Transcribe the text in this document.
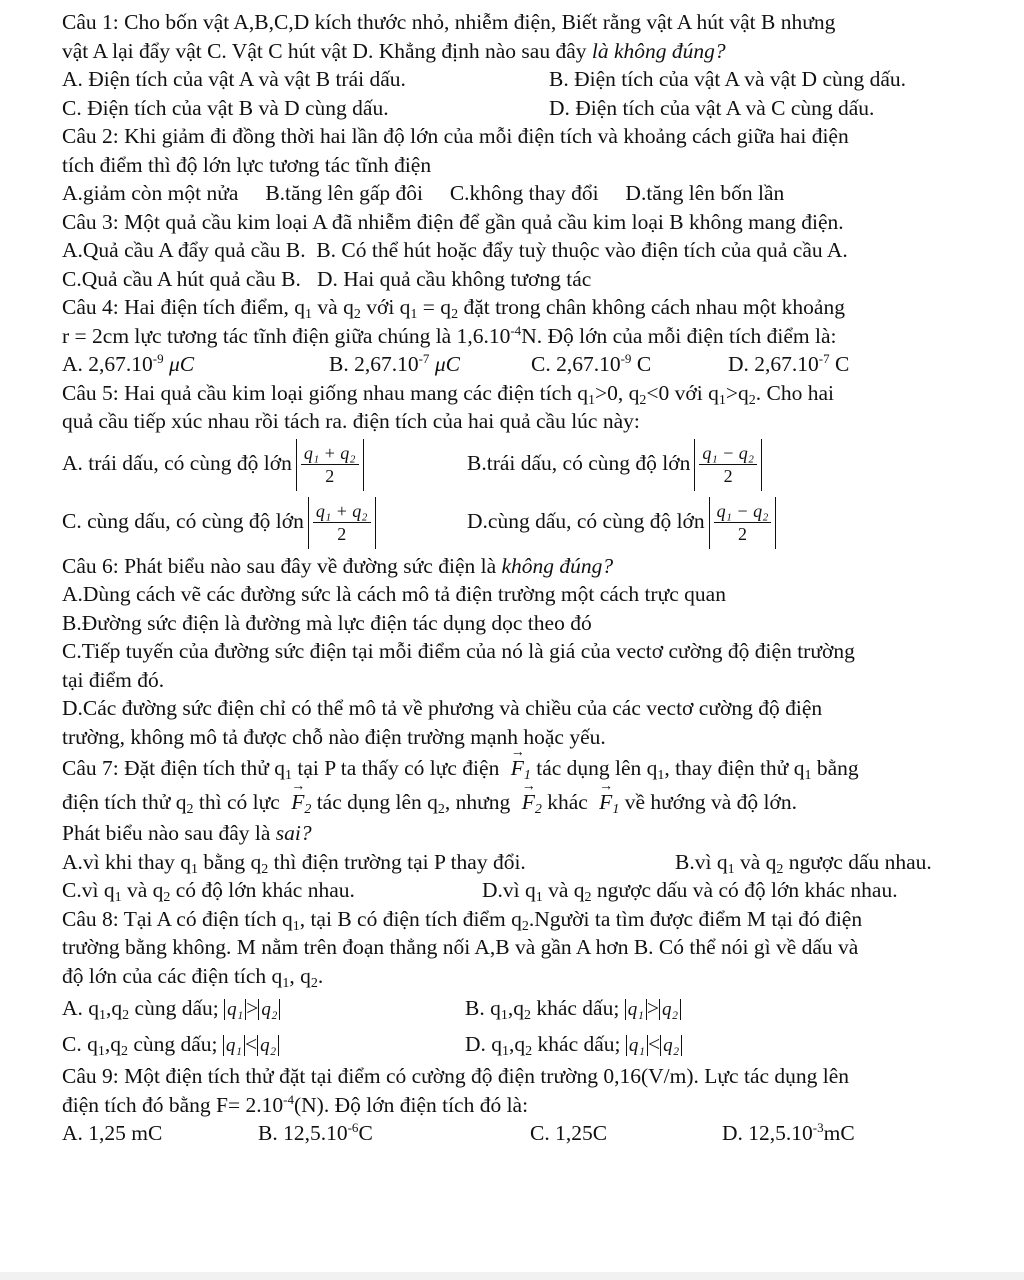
Câu 1: Cho bốn vật A,B,C,D kích thước nhỏ, nhiễm điện, Biết rằng vật A hút vật B nhưng
vật A lại đẩy vật C. Vật C hút vật D. Khẳng định nào sau đây là không đúng?
A. Điện tích của vật A và vật B trái dấu.	B. Điện tích của vật A và vật D cùng dấu.
C. Điện tích của vật B và D cùng dấu.	D. Điện tích của vật A và C cùng dấu.
Câu 2: Khi giảm đi đồng thời hai lần độ lớn của mỗi điện tích và khoảng cách giữa hai điện
tích điểm thì độ lớn lực tương tác tĩnh điện
A.giảm còn một nửa     B.tăng lên gấp đôi     C.không thay đổi     D.tăng lên bốn lần
Câu 3: Một quả cầu kim loại A đã nhiễm điện để gần quả cầu kim loại B không mang điện.
A.Quả cầu A đẩy quả cầu B.  B. Có thể hút hoặc đẩy tuỳ thuộc vào điện tích của quả cầu A.
C.Quả cầu A hút quả cầu B.   D. Hai quả cầu không tương tác
Câu 4: Hai điện tích điểm, $q_1$ và $q_2$ với $q_1 = q_2$ đặt trong chân không cách nhau một khoảng
r = 2cm lực tương tác tĩnh điện giữa chúng là $1,6.10^{-4}N$. Độ lớn của mỗi điện tích điểm là:
A. $2,67.10^{-9}$ μC	B. $2,67.10^{-7}$ μC	C. $2,67.10^{-9}$ C	D. $2,67.10^{-7}$ C
Câu 5: Hai quả cầu kim loại giống nhau mang các điện tích $q_1>0$, $q_2<0$ với $q_1>q_2$. Cho hai
quả cầu tiếp xúc nhau rồi tách ra. điện tích của hai quả cầu lúc này:
A. trái dấu, có cùng độ lớn $\frac{\text{q₁ + q₂}}{2}$	B.trái dấu, có cùng độ lớn $\frac{\text{q₁ − q₂}}{2}$
C. cùng dấu, có cùng độ lớn $\frac{\text{q₁ + q₂}}{2}$	D.cùng dấu, có cùng độ lớn $\frac{\text{q₁ − q₂}}{2}$
Câu 6: Phát biểu nào sau đây về đường sức điện là không đúng?
A.Dùng cách vẽ các đường sức là cách mô tả điện trường một cách trực quan
B.Đường sức điện là đường mà lực điện tác dụng dọc theo đó
C.Tiếp tuyến của đường sức điện tại mỗi điểm của nó là giá của vectơ cường độ điện trường
tại điểm đó.
D.Các đường sức điện chỉ có thể mô tả về phương và chiều của các vectơ cường độ điện
trường, không mô tả được chỗ nào điện trường mạnh hoặc yếu.
Câu 7: Đặt điện tích thử $q_1$ tại P ta thấy có lực điện → $F_1$ tác dụng lên $q_1$, thay điện thử $q_1$ bằng
điện tích thử $q_2$ thì có lực → $F_2$ tác dụng lên $q_2$, nhưng → $F_2$ khác → $F_1$ về hướng và độ lớn.
Phát biểu nào sau đây là sai?
A.vì khi thay $q_1$ bằng $q_2$ thì điện trường tại P thay đổi.	B.vì $q_1$ và $q_2$ ngược dấu nhau.
C.vì $q_1$ và $q_2$ có độ lớn khác nhau.	D.vì $q_1$ và $q_2$ ngược dấu và có độ lớn khác nhau.
Câu 8: Tại A có điện tích $q_1$, tại B có điện tích điểm $q_2.Người$ ta tìm được điểm M tại đó điện
trường bằng không. M nằm trên đoạn thẳng nối A,B và gần A hơn B. Có thể nói gì về dấu và
độ lớn của các điện tích $q_1$, $q_2$.
A. $q_1,q_2$ cùng dấu; q₁ > q₂	B. $q_1,q_2$ khác dấu; q₁ > q₂
C. $q_1,q_2$ cùng dấu; q₁ < q₂	D. $q_1,q_2$ khác dấu; q₁ < q₂
Câu 9: Một điện tích thử đặt tại điểm có cường độ điện trường 0,16(V/m). Lực tác dụng lên
điện tích đó bằng $F= 2.10^{-4}(N)$. Độ lớn điện tích đó là:
A. 1,25 mC	B. $12,5.10^{-6}C$	C. 1,25C	D. $12,5.10^{-3}mC$
